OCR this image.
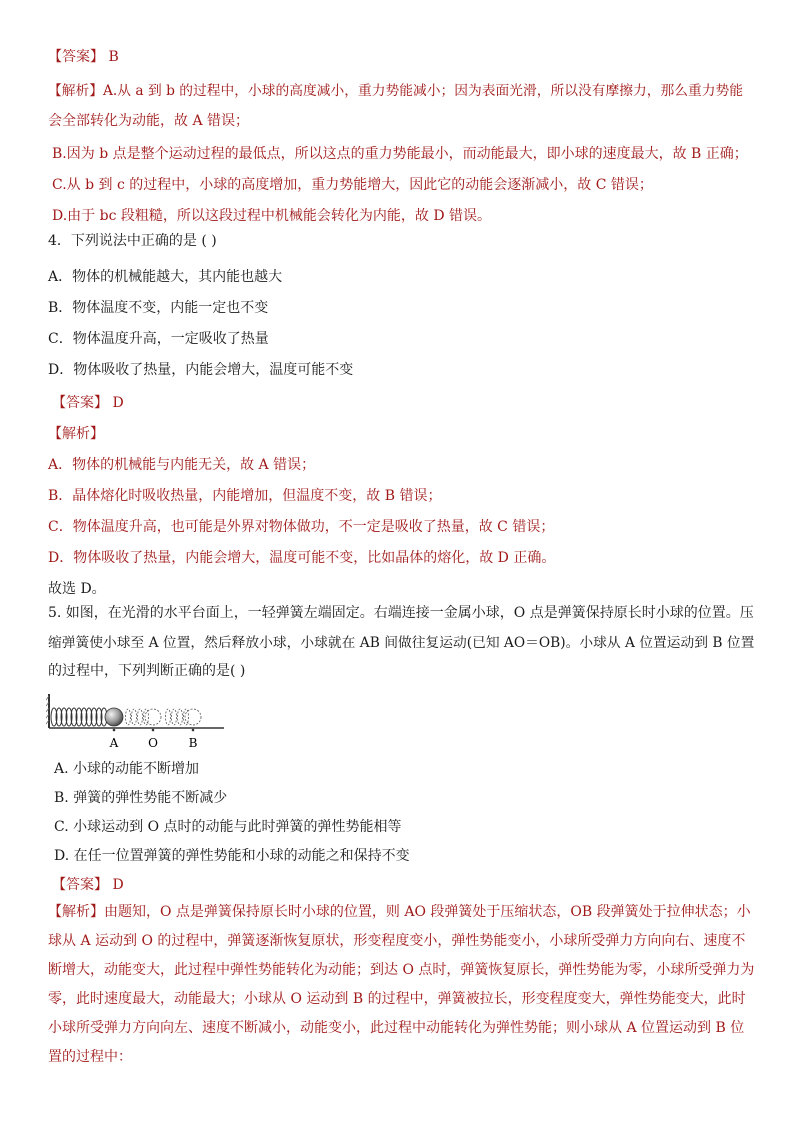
【答案】 B
【解析】A.从 a 到 b 的过程中，小球的高度减小，重力势能减小；因为表面光滑，所以没有摩擦力，那么重力势能
会全部转化为动能，故 A 错误；
B.因为 b 点是整个运动过程的最低点，所以这点的重力势能最小，而动能最大，即小球的速度最大，故 B 正确；
C.从 b 到 c 的过程中，小球的高度增加，重力势能增大，因此它的动能会逐渐减小，故 C 错误；
D.由于 bc 段粗糙，所以这段过程中机械能会转化为内能，故 D 错误。
4．下列说法中正确的是 ( )
A．物体的机械能越大，其内能也越大
B．物体温度不变，内能一定也不变
C．物体温度升高，一定吸收了热量
D．物体吸收了热量，内能会增大，温度可能不变
【答案】 D
【解析】
A．物体的机械能与内能无关，故 A 错误；
B．晶体熔化时吸收热量，内能增加，但温度不变，故 B 错误；
C．物体温度升高，也可能是外界对物体做功，不一定是吸收了热量，故 C 错误；
D．物体吸收了热量，内能会增大，温度可能不变，比如晶体的熔化，故 D 正确。
故选 D。
5. 如图，在光滑的水平台面上，一轻弹簧左端固定。右端连接一金属小球，O 点是弹簧保持原长时小球的位置。压
缩弹簧使小球至 A 位置，然后释放小球，小球就在 AB 间做往复运动(已知 AO＝OB)。小球从 A 位置运动到 B 位置
的过程中，下列判断正确的是( )
A O	B
A. 小球的动能不断增加
B. 弹簧的弹性势能不断减少
C. 小球运动到 O 点时的动能与此时弹簧的弹性势能相等
D. 在任一位置弹簧的弹性势能和小球的动能之和保持不变
【答案】 D
【解析】由题知，O 点是弹簧保持原长时小球的位置，则 AO 段弹簧处于压缩状态，OB 段弹簧处于拉伸状态；小
球从 A 运动到 O 的过程中，弹簧逐渐恢复原状，形变程度变小，弹性势能变小，小球所受弹力方向向右、速度不
断增大，动能变大，此过程中弹性势能转化为动能；到达 O 点时，弹簧恢复原长，弹性势能为零，小球所受弹力为
零，此时速度最大，动能最大；小球从 O 运动到 B 的过程中，弹簧被拉长，形变程度变大，弹性势能变大，此时
小球所受弹力方向向左、速度不断减小，动能变小，此过程中动能转化为弹性势能；则小球从 A 位置运动到 B 位
置的过程中：
